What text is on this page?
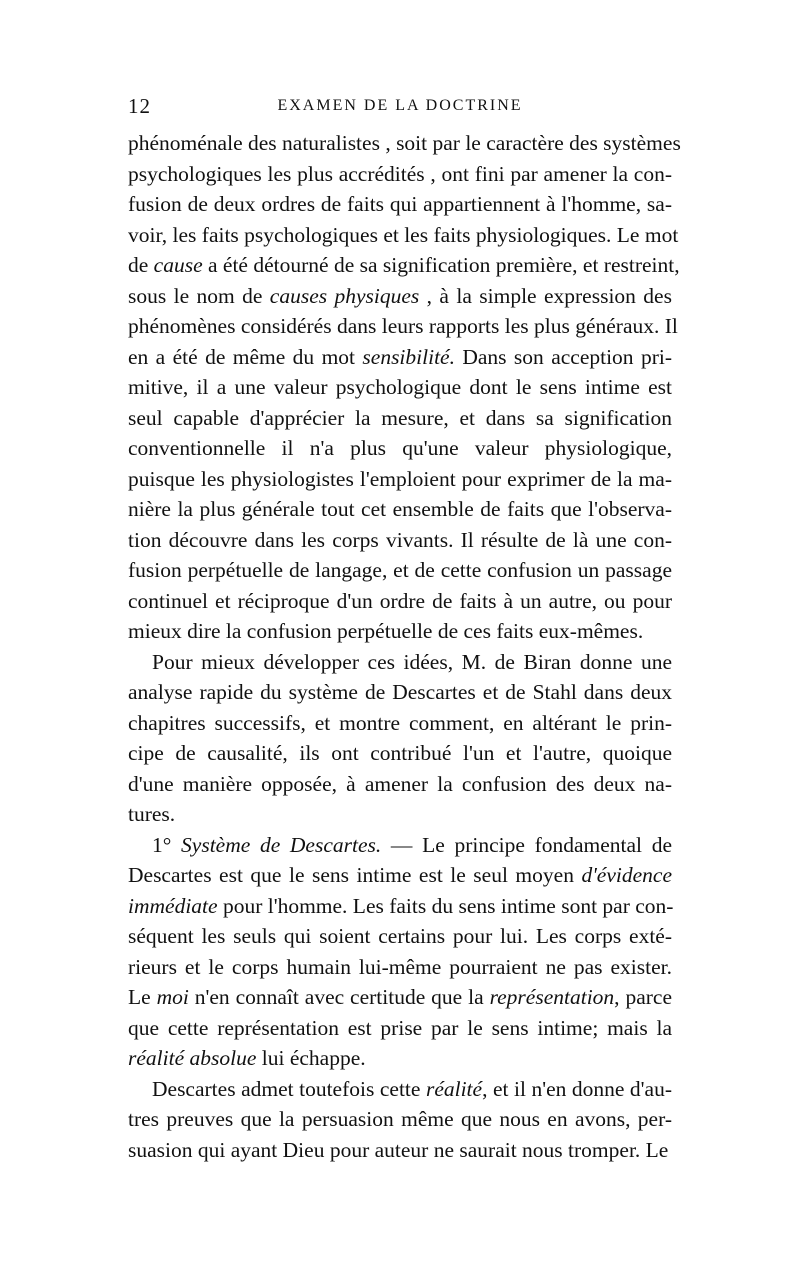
12	EXAMEN DE LA DOCTRINE
phénoménale des naturalistes , soit par le caractère des systèmes
psychologiques les plus accrédités , ont fini par amener la con-
fusion de deux ordres de faits qui appartiennent à l'homme, sa-
voir, les faits psychologiques et les faits physiologiques. Le mot
de cause a été détourné de sa signification première, et restreint,
sous le nom de causes physiques , à la simple expression des
phénomènes considérés dans leurs rapports les plus généraux. Il
en a été de même du mot sensibilité. Dans son acception pri-
mitive, il a une valeur psychologique dont le sens intime est
seul capable d'apprécier la mesure, et dans sa signification
conventionnelle il n'a plus qu'une valeur physiologique,
puisque les physiologistes l'emploient pour exprimer de la ma-
nière la plus générale tout cet ensemble de faits que l'observa-
tion découvre dans les corps vivants. Il résulte de là une con-
fusion perpétuelle de langage, et de cette confusion un passage
continuel et réciproque d'un ordre de faits à un autre, ou pour
mieux dire la confusion perpétuelle de ces faits eux-mêmes.
Pour mieux développer ces idées, M. de Biran donne une
analyse rapide du système de Descartes et de Stahl dans deux
chapitres successifs, et montre comment, en altérant le prin-
cipe de causalité, ils ont contribué l'un et l'autre, quoique
d'une manière opposée, à amener la confusion des deux na-
tures.
1° Système de Descartes. — Le principe fondamental de
Descartes est que le sens intime est le seul moyen d'évidence
immédiate pour l'homme. Les faits du sens intime sont par con-
séquent les seuls qui soient certains pour lui. Les corps exté-
rieurs et le corps humain lui-même pourraient ne pas exister.
Le moi n'en connaît avec certitude que la représentation, parce
que cette représentation est prise par le sens intime; mais la
réalité absolue lui échappe.
Descartes admet toutefois cette réalité, et il n'en donne d'au-
tres preuves que la persuasion même que nous en avons, per-
suasion qui ayant Dieu pour auteur ne saurait nous tromper. Le
